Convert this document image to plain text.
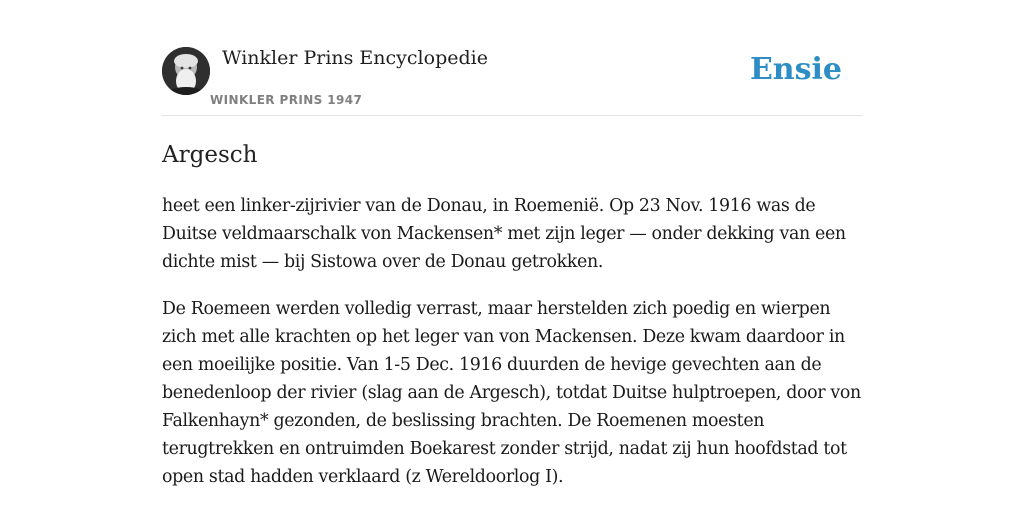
Winkler Prins Encyclopedie
WINKLER PRINS 1947
Ensie
Argesch

heet een linker-zijrivier van de Donau, in Roemenië. Op 23 Nov. 1916 was de Duitse veldmaarschalk von Mackensen* met zijn leger — onder dekking van een dichte mist — bij Sistowa over de Donau getrokken.

De Roemeen werden volledig verrast, maar herstelden zich poedig en wierpen zich met alle krachten op het leger van von Mackensen. Deze kwam daardoor in een moeilijke positie. Van 1-5 Dec. 1916 duurden de hevige gevechten aan de benedenloop der rivier (slag aan de Argesch), totdat Duitse hulptroepen, door von Falkenhayn* gezonden, de beslissing brachten. De Roemenen moesten terugtrekken en ontruimden Boekarest zonder strijd, nadat zij hun hoofdstad tot open stad hadden verklaard (z Wereldoorlog I).
